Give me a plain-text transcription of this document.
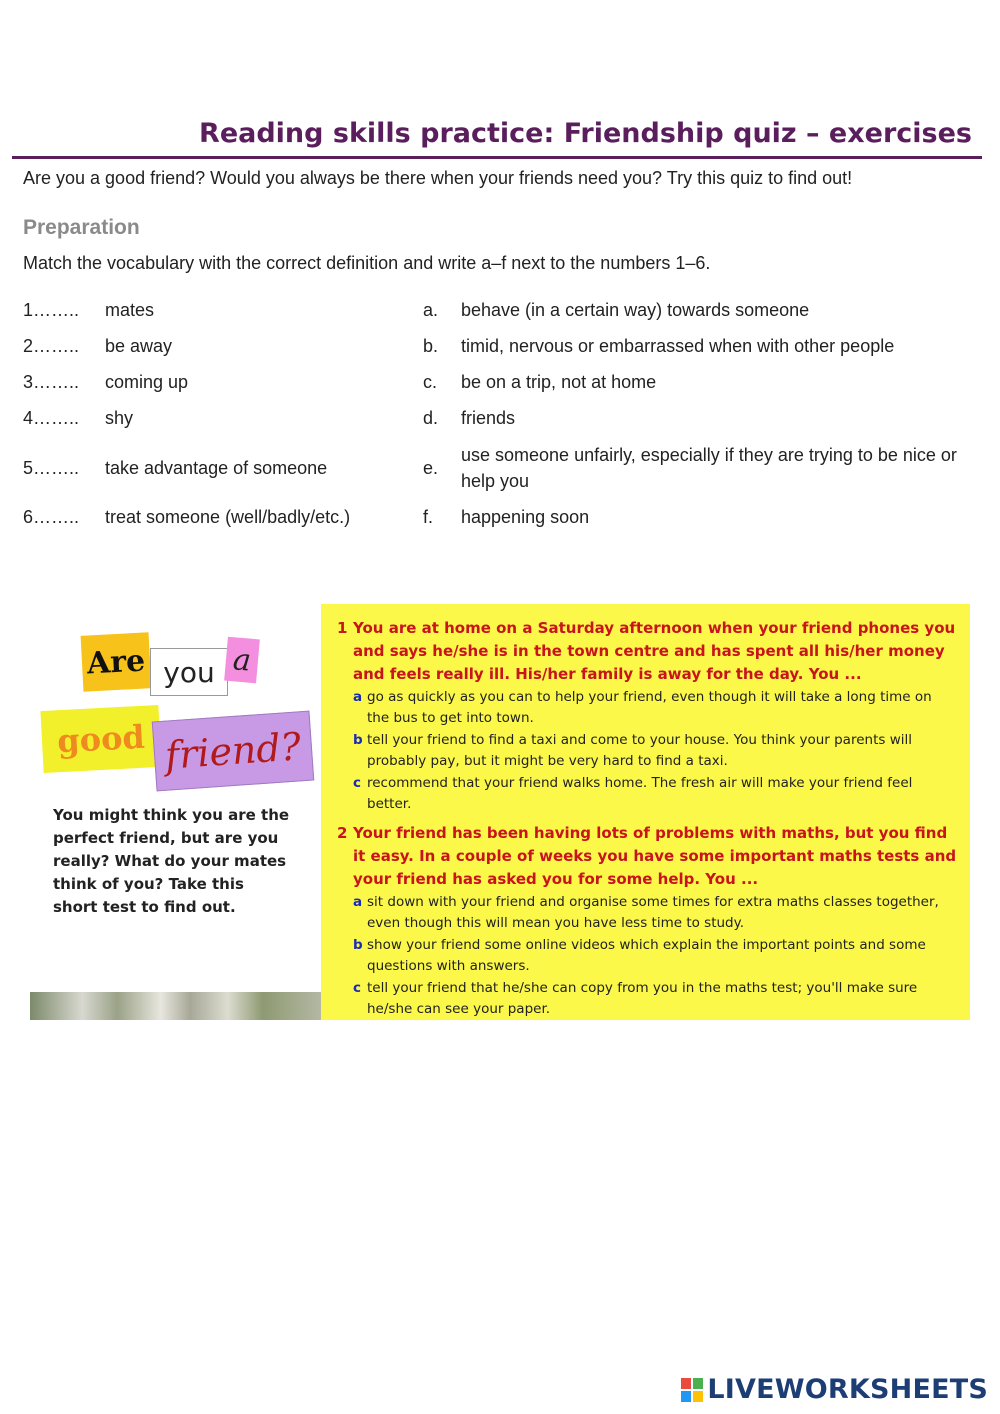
Reading skills practice: Friendship quiz – exercises
Are you a good friend? Would you always be there when your friends need you? Try this quiz to find out!
Preparation
Match the vocabulary with the correct definition and write a–f next to the numbers 1–6.
1…….. mates	a. behave (in a certain way) towards someone
2…….. be away	b. timid, nervous or embarrassed when with other people
3…….. coming up	c. be on a trip, not at home
4…….. shy	d. friends
5…….. take advantage of someone	e.
use someone unfairly, especially if they are trying to be nice or help you
6…….. treat someone (well/badly/etc.)	f. happening soon
Are you a
good friend?
You might think you are the perfect friend, but are you really? What do your mates think of you? Take this short test to find out.
1 You are at home on a Saturday afternoon when your friend phones you and says he/she is in the town centre and has spent all his/her money and feels really ill. His/her family is away for the day. You ...
a go as quickly as you can to help your friend, even though it will take a long time on the bus to get into town.
b tell your friend to find a taxi and come to your house. You think your parents will probably pay, but it might be very hard to find a taxi.
c recommend that your friend walks home. The fresh air will make your friend feel better.
2 Your friend has been having lots of problems with maths, but you find it easy. In a couple of weeks you have some important maths tests and your friend has asked you for some help. You ...
a sit down with your friend and organise some times for extra maths classes together, even though this will mean you have less time to study.
b show your friend some online videos which explain the important points and some questions with answers.
c tell your friend that he/she can copy from you in the maths test; you'll make sure he/she can see your paper.
LIVEWORKSHEETS
